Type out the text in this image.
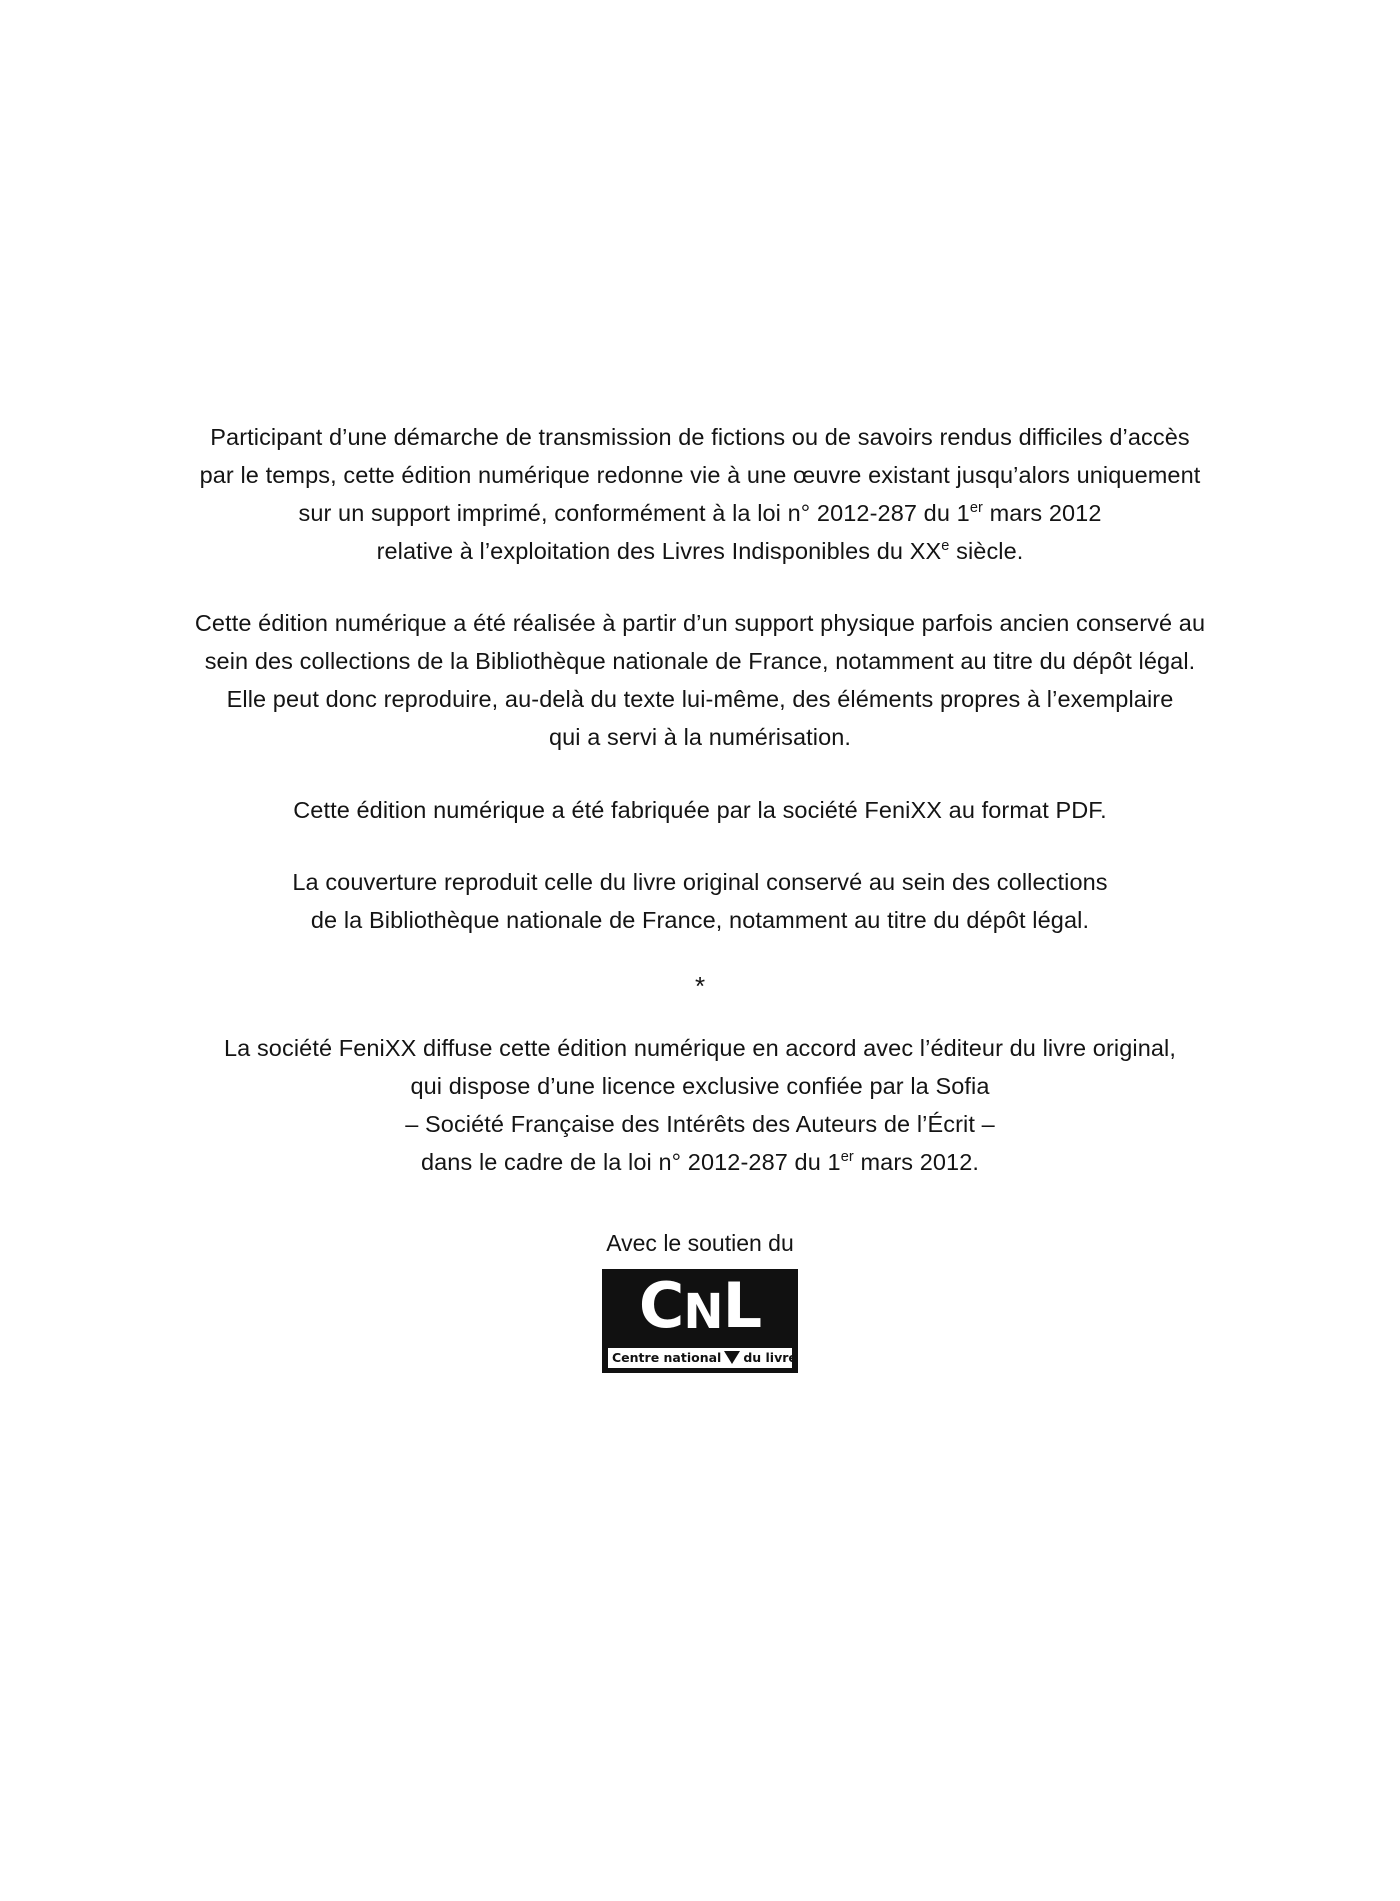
Participant d’une démarche de transmission de fictions ou de savoirs rendus difficiles d’accès
par le temps, cette édition numérique redonne vie à une œuvre existant jusqu’alors uniquement
sur un support imprimé, conformément à la loi n° 2012-287 du 1er mars 2012
relative à l’exploitation des Livres Indisponibles du XXe siècle.

Cette édition numérique a été réalisée à partir d’un support physique parfois ancien conservé au
sein des collections de la Bibliothèque nationale de France, notamment au titre du dépôt légal.
Elle peut donc reproduire, au-delà du texte lui-même, des éléments propres à l’exemplaire
qui a servi à la numérisation.

Cette édition numérique a été fabriquée par la société FeniXX au format PDF.

La couverture reproduit celle du livre original conservé au sein des collections
de la Bibliothèque nationale de France, notamment au titre du dépôt légal.

*

La société FeniXX diffuse cette édition numérique en accord avec l’éditeur du livre original,
qui dispose d’une licence exclusive confiée par la Sofia
– Société Française des Intérêts des Auteurs de l’Écrit –
dans le cadre de la loi n° 2012-287 du 1er mars 2012.

Avec le soutien du
C N L
Centre national du livre
